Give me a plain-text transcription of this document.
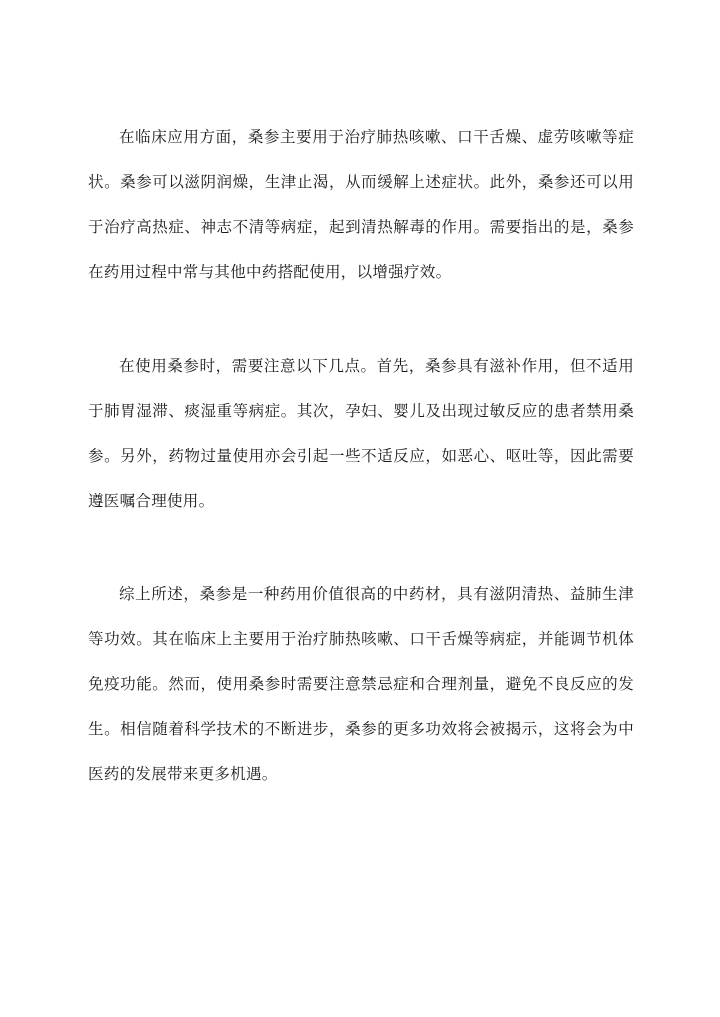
在临床应用方面，桑参主要用于治疗肺热咳嗽、口干舌燥、虚劳咳嗽等症状。桑参可以滋阴润燥，生津止渴，从而缓解上述症状。此外，桑参还可以用于治疗高热症、神志不清等病症，起到清热解毒的作用。需要指出的是，桑参在药用过程中常与其他中药搭配使用，以增强疗效。

在使用桑参时，需要注意以下几点。首先，桑参具有滋补作用，但不适用于肺胃湿滞、痰湿重等病症。其次，孕妇、婴儿及出现过敏反应的患者禁用桑参。另外，药物过量使用亦会引起一些不适反应，如恶心、呕吐等，因此需要遵医嘱合理使用。

综上所述，桑参是一种药用价值很高的中药材，具有滋阴清热、益肺生津等功效。其在临床上主要用于治疗肺热咳嗽、口干舌燥等病症，并能调节机体免疫功能。然而，使用桑参时需要注意禁忌症和合理剂量，避免不良反应的发生。相信随着科学技术的不断进步，桑参的更多功效将会被揭示，这将会为中医药的发展带来更多机遇。
